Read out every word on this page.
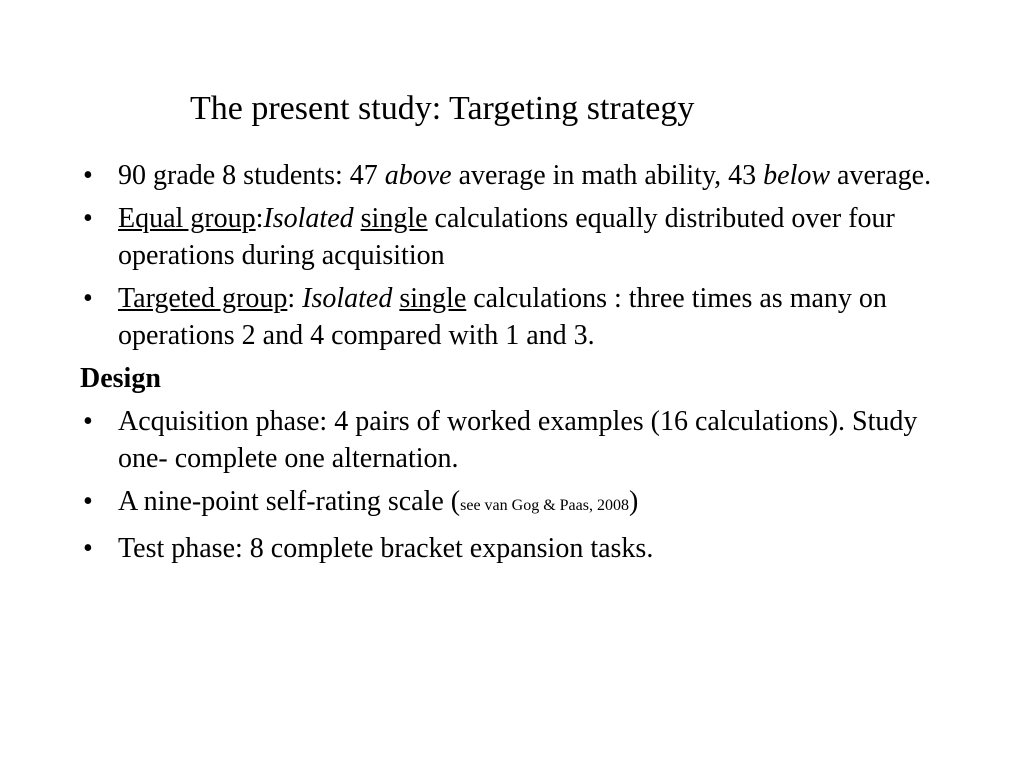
The present study: Targeting strategy
• 90 grade 8 students: 47 above average in math ability, 43 below average.
• Equal group:Isolated single calculations equally distributed over four operations during acquisition
• Targeted group: Isolated single calculations : three times as many on operations 2 and 4 compared with 1 and 3.
Design
• Acquisition phase: 4 pairs of worked examples (16 calculations). Study one- complete one alternation.
• A nine-point self-rating scale (see van Gog & Paas, 2008)
• Test phase: 8 complete bracket expansion tasks.
